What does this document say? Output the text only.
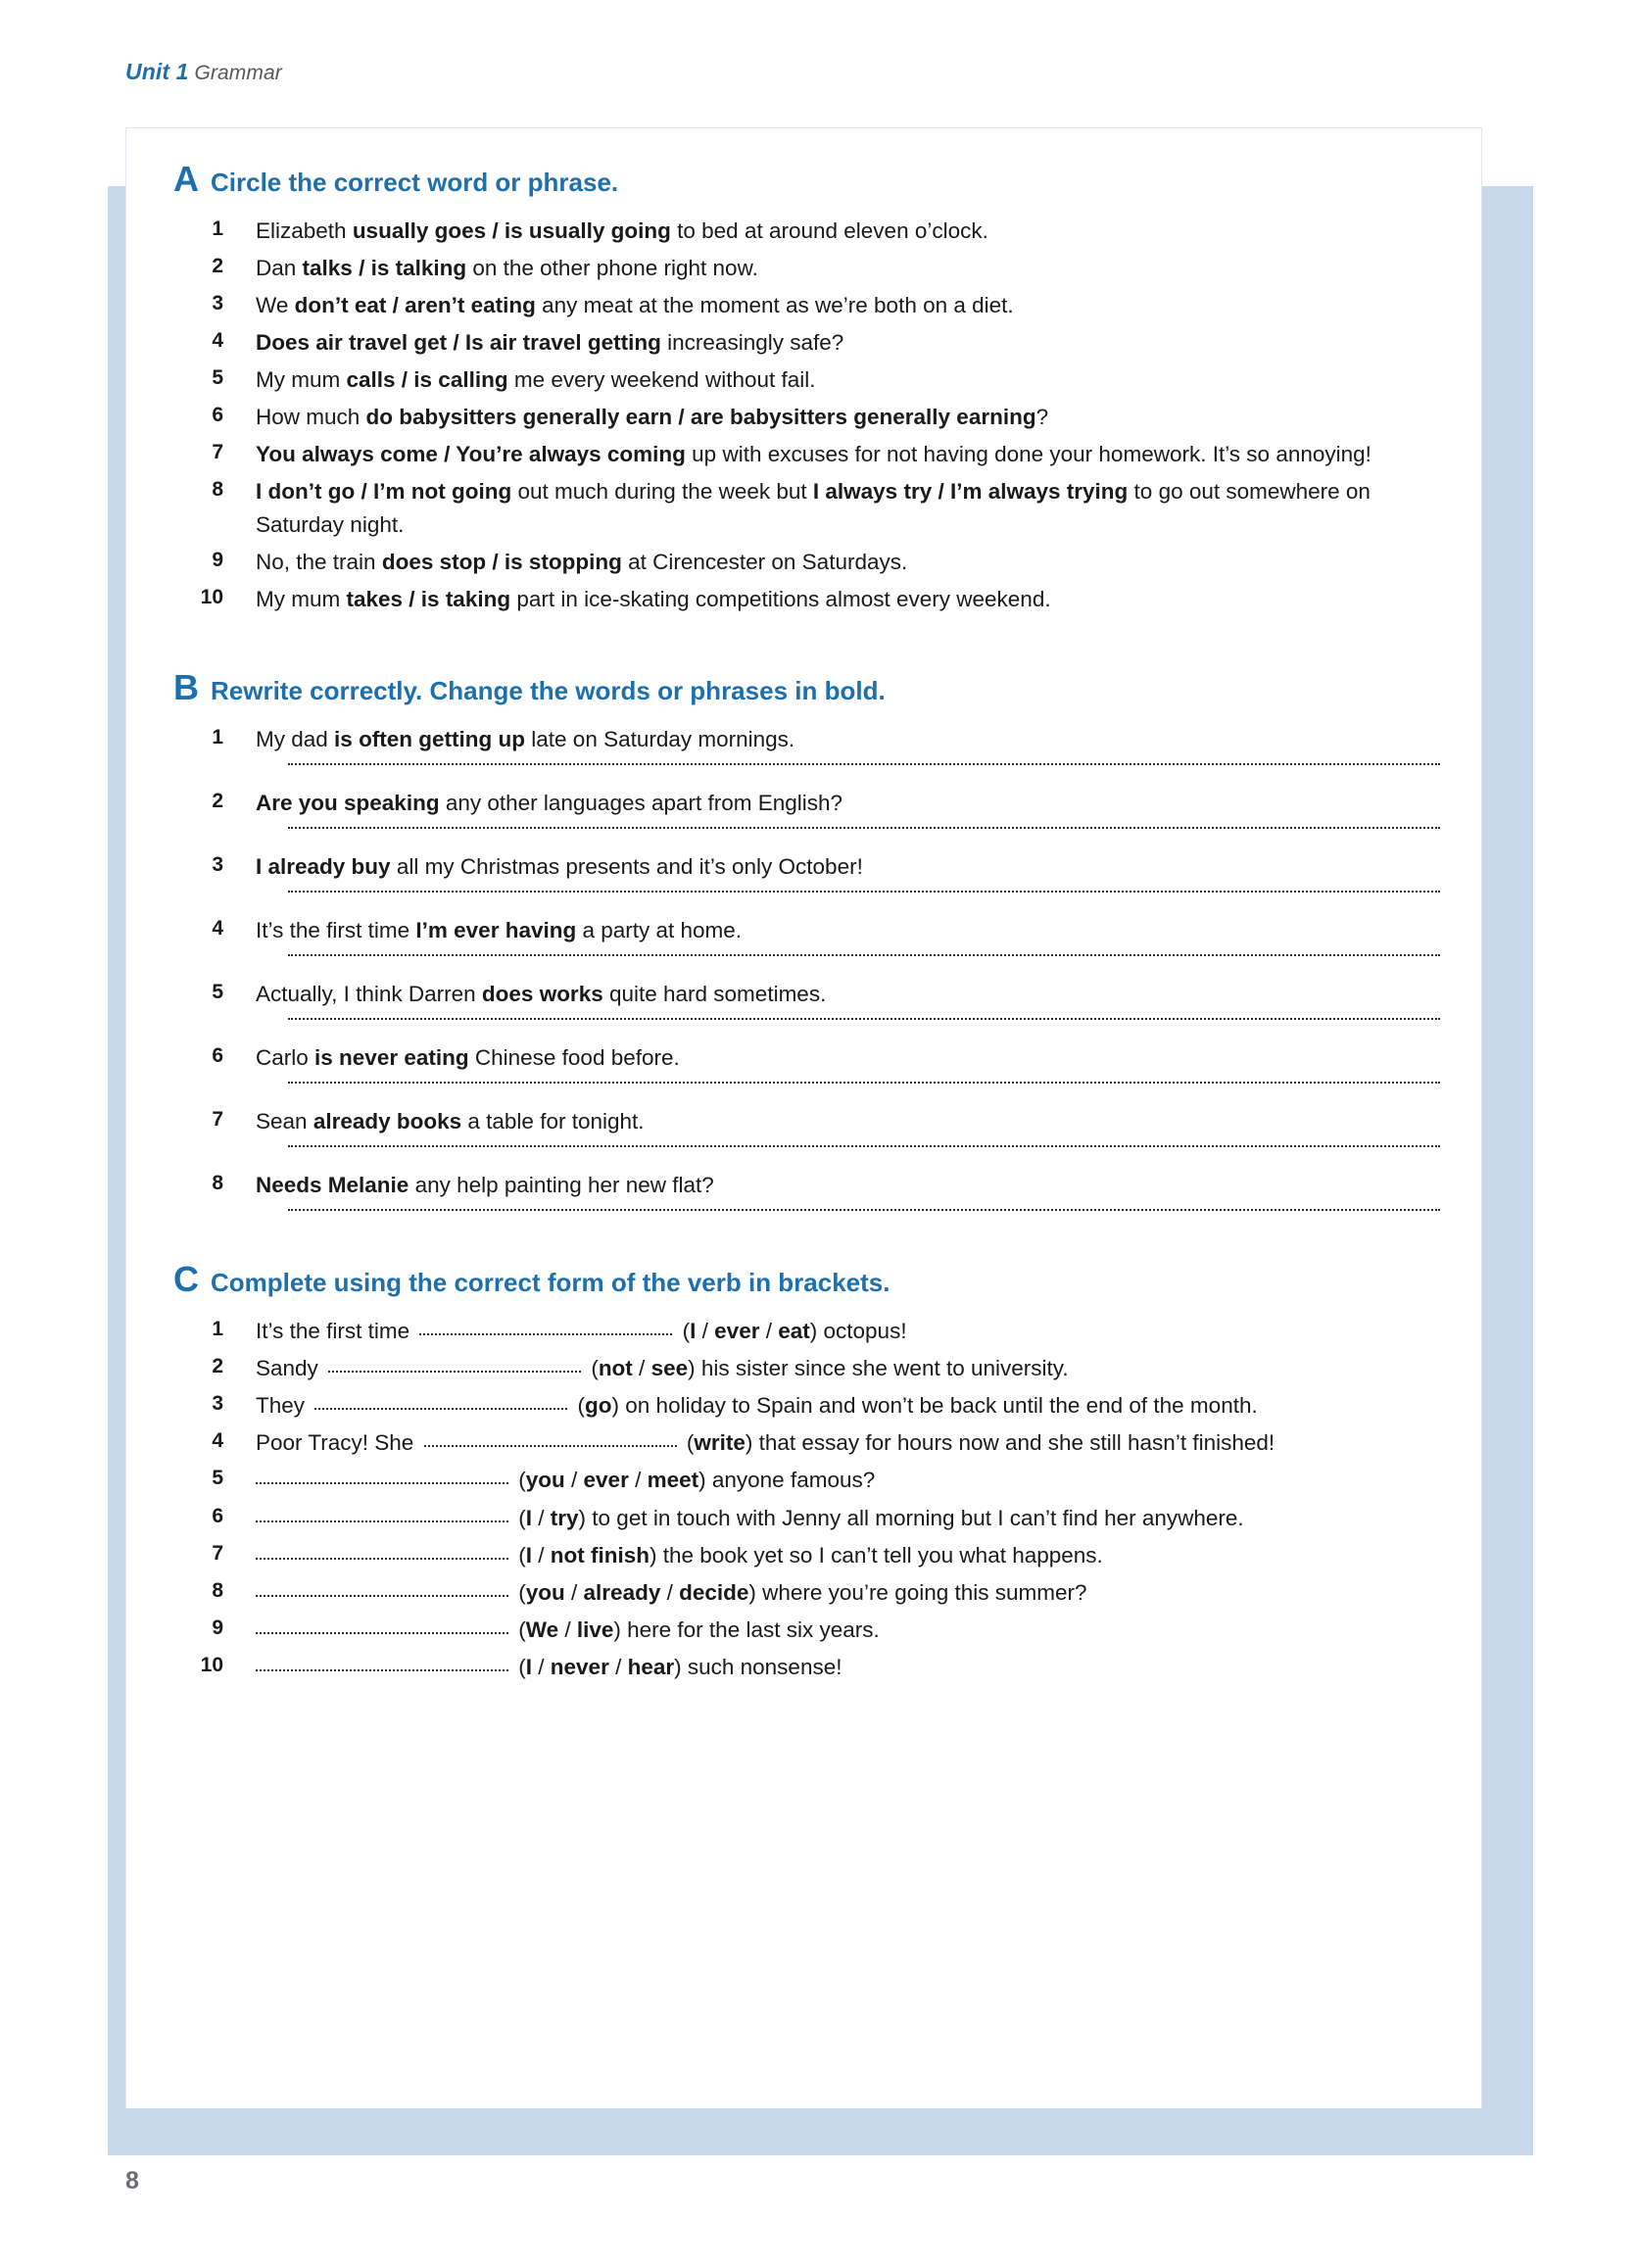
Unit 1 Grammar
A Circle the correct word or phrase.
1	Elizabeth usually goes / is usually going to bed at around eleven o’clock.
2	Dan talks / is talking on the other phone right now.
3	We don’t eat / aren’t eating any meat at the moment as we’re both on a diet.
4	Does air travel get / Is air travel getting increasingly safe?
5	My mum calls / is calling me every weekend without fail.
6	How much do babysitters generally earn / are babysitters generally earning?
7	You always come / You’re always coming up with excuses for not having done your homework. It’s so annoying!
8	I don’t go / I’m not going out much during the week but I always try / I’m always trying to go out somewhere on Saturday night.
9	No, the train does stop / is stopping at Cirencester on Saturdays.
10	My mum takes / is taking part in ice-skating competitions almost every weekend.
B Rewrite correctly. Change the words or phrases in bold.
1	My dad is often getting up late on Saturday mornings.
2	Are you speaking any other languages apart from English?
3	I already buy all my Christmas presents and it’s only October!
4	It’s the first time I’m ever having a party at home.
5	Actually, I think Darren does works quite hard sometimes.
6	Carlo is never eating Chinese food before.
7	Sean already books a table for tonight.
8	Needs Melanie any help painting her new flat?
C Complete using the correct form of the verb in brackets.
1	It’s the first time	(I / ever / eat) octopus!
2	Sandy	(not / see) his sister since she went to university.
3	They	(go) on holiday to Spain and won’t be back until the end of the month.
4	Poor Tracy! She	(write) that essay for hours now and she still hasn’t finished!
5	(you / ever / meet) anyone famous?
6	(I / try) to get in touch with Jenny all morning but I can’t find her anywhere.
7	(I / not finish) the book yet so I can’t tell you what happens.
8	(you / already / decide) where you’re going this summer?
9	(We / live) here for the last six years.
10	(I / never / hear) such nonsense!
8
